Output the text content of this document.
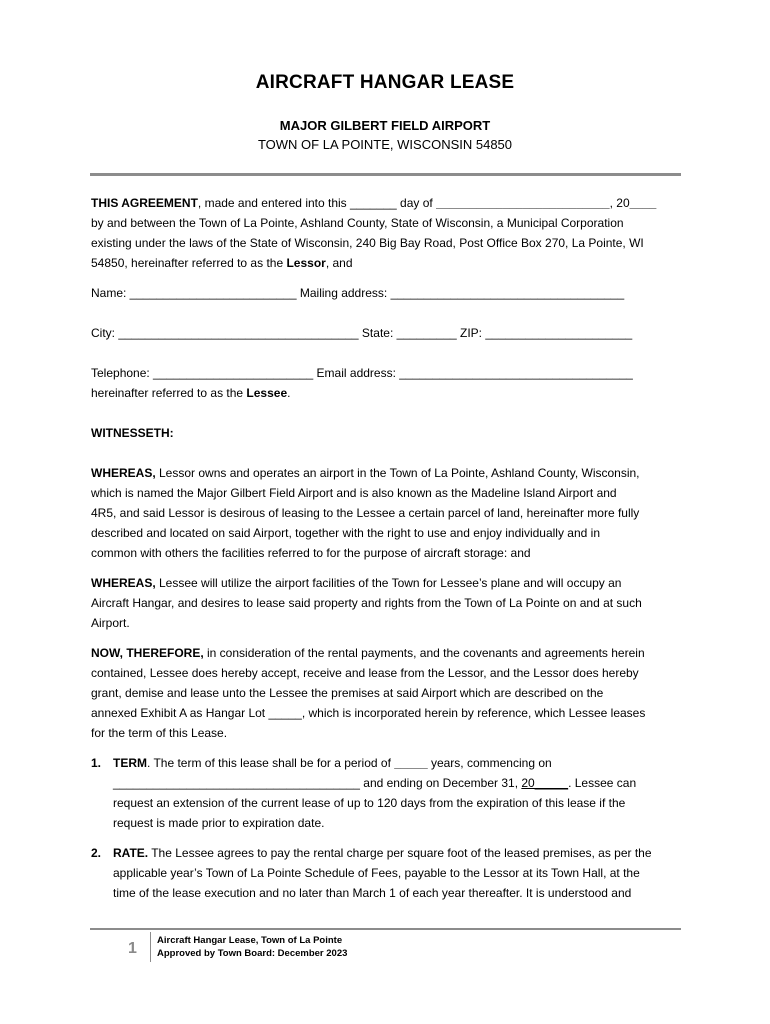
AIRCRAFT HANGAR LEASE
MAJOR GILBERT FIELD AIRPORT
TOWN OF LA POINTE, WISCONSIN 54850

THIS AGREEMENT, made and entered into this _______ day of __________________________, 20____
by and between the Town of La Pointe, Ashland County, State of Wisconsin, a Municipal Corporation
existing under the laws of the State of Wisconsin, 240 Big Bay Road, Post Office Box 270, La Pointe, WI
54850, hereinafter referred to as the Lessor, and

Name: _________________________ Mailing address: ___________________________________

City: ____________________________________ State: _________ ZIP: ______________________

Telephone: ________________________ Email address: ___________________________________
hereinafter referred to as the Lessee.

WITNESSETH:

WHEREAS, Lessor owns and operates an airport in the Town of La Pointe, Ashland County, Wisconsin,
which is named the Major Gilbert Field Airport and is also known as the Madeline Island Airport and
4R5, and said Lessor is desirous of leasing to the Lessee a certain parcel of land, hereinafter more fully
described and located on said Airport, together with the right to use and enjoy individually and in
common with others the facilities referred to for the purpose of aircraft storage: and

WHEREAS, Lessee will utilize the airport facilities of the Town for Lessee’s plane and will occupy an
Aircraft Hangar, and desires to lease said property and rights from the Town of La Pointe on and at such
Airport.

NOW, THEREFORE, in consideration of the rental payments, and the covenants and agreements herein
contained, Lessee does hereby accept, receive and lease from the Lessor, and the Lessor does hereby
grant, demise and lease unto the Lessee the premises at said Airport which are described on the
annexed Exhibit A as Hangar Lot _____, which is incorporated herein by reference, which Lessee leases
for the term of this Lease.

1. TERM. The term of this lease shall be for a period of _____ years, commencing on
_____________________________________ and ending on December 31, 20_____. Lessee can
request an extension of the current lease of up to 120 days from the expiration of this lease if the
request is made prior to expiration date.
2. RATE. The Lessee agrees to pay the rental charge per square foot of the leased premises, as per the
applicable year’s Town of La Pointe Schedule of Fees, payable to the Lessor at its Town Hall, at the
time of the lease execution and no later than March 1 of each year thereafter. It is understood and
1 Aircraft Hangar Lease, Town of La Pointe
Approved by Town Board: December 2023
